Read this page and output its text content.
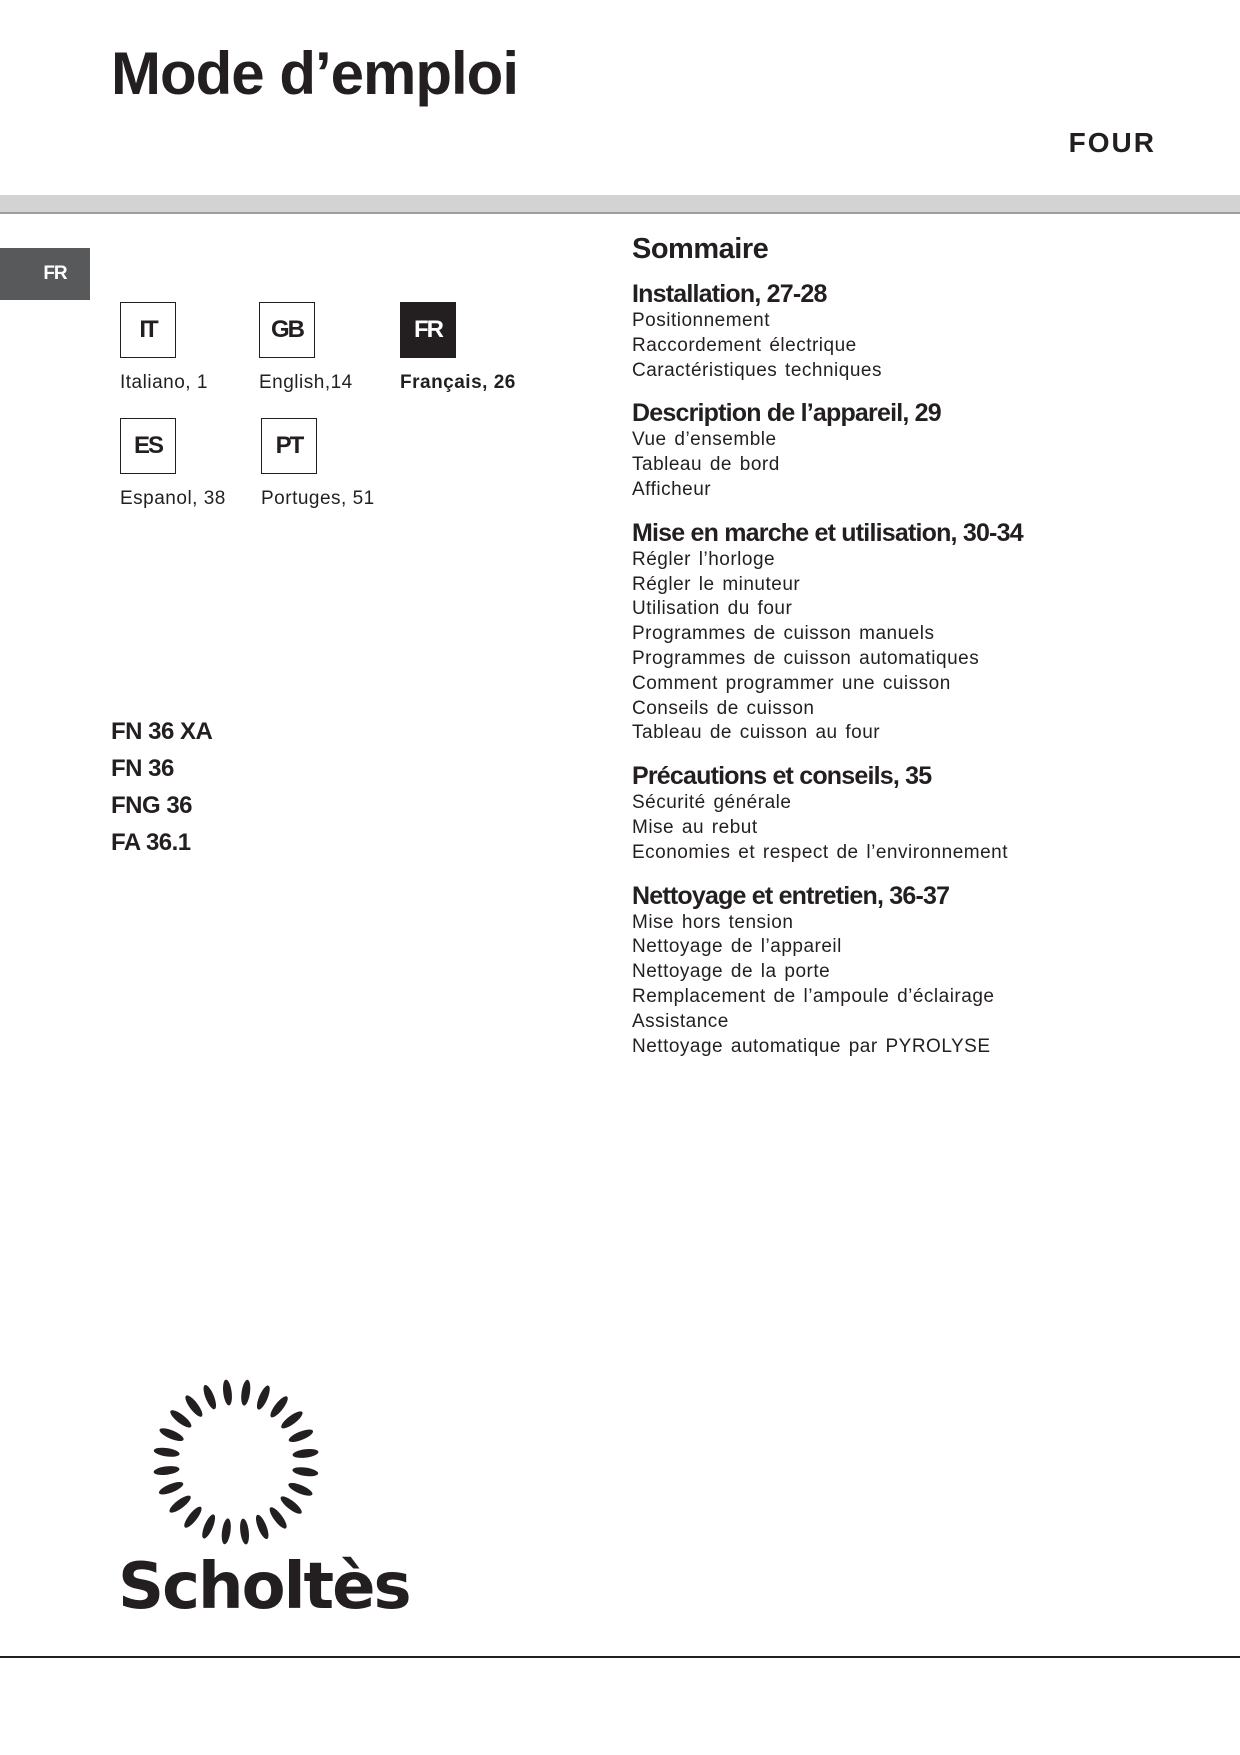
Mode d’emploi
FOUR
FR
IT
Italiano, 1
GB
English,14
FR
Français, 26
ES
Espanol, 38
PT
Portuges, 51
FN 36 XA
FN 36
FNG 36
FA 36.1
Sommaire
Installation, 27-28
Positionnement
Raccordement électrique
Caractéristiques techniques
Description de l’appareil, 29
Vue d’ensemble
Tableau de bord
Afficheur
Mise en marche et utilisation, 30-34
Régler l’horloge
Régler le minuteur
Utilisation du four
Programmes de cuisson manuels
Programmes de cuisson automatiques
Comment programmer une cuisson
Conseils de cuisson
Tableau de cuisson au four
Précautions et conseils, 35
Sécurité générale
Mise au rebut
Economies et respect de l’environnement
Nettoyage et entretien, 36-37
Mise hors tension
Nettoyage de l’appareil
Nettoyage de la porte
Remplacement de l’ampoule d’éclairage
Assistance
Nettoyage automatique par PYROLYSE
Scholtès
